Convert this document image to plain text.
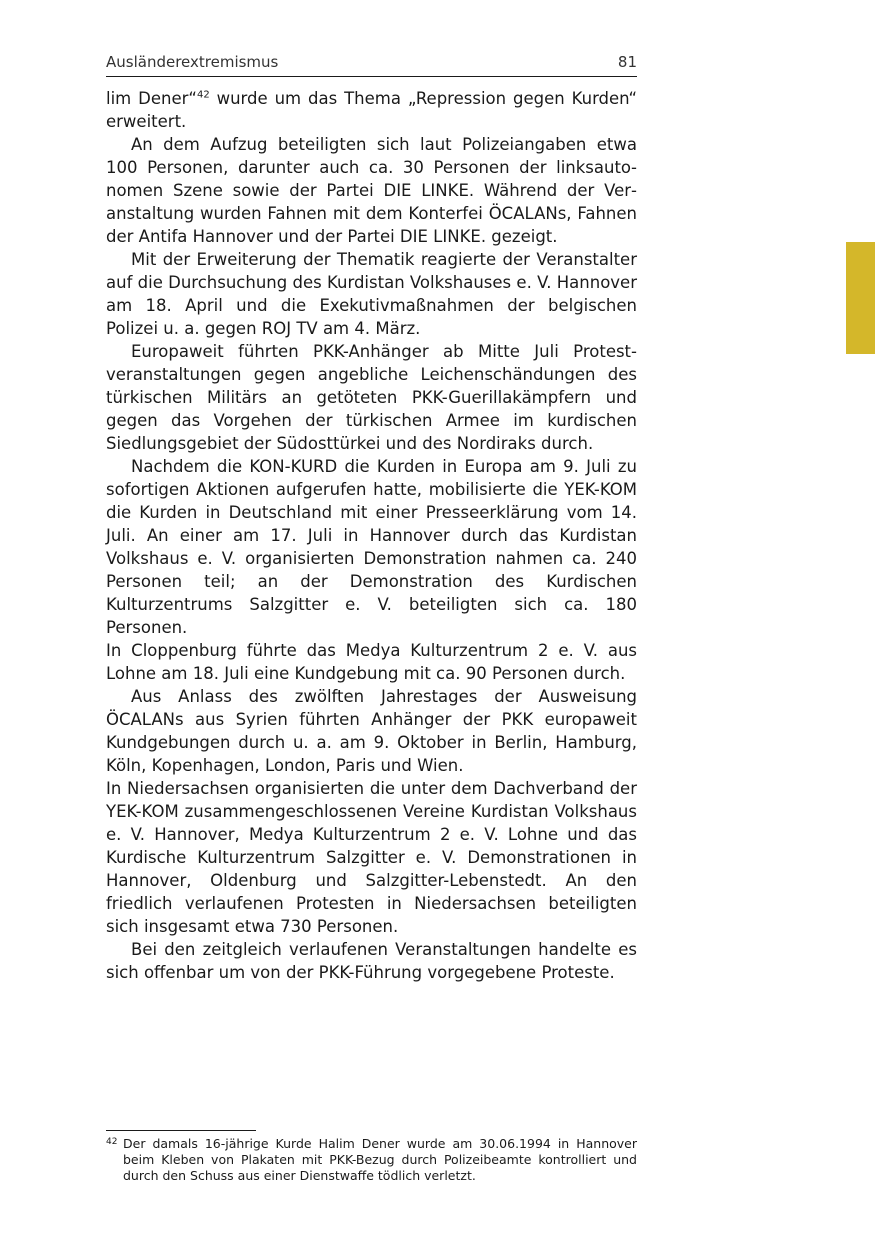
Ausländerextremismus	81

lim Dener“$^{42}$ wurde um das Thema „Repression gegen Kurden“ erweitert.

An dem Aufzug beteiligten sich laut Polizeiangaben etwa 100 Personen, darunter auch ca. 30 Personen der linksautonomen Szene sowie der Partei DIE LINKE. Während der Veranstaltung wurden Fahnen mit dem Konterfei ÖCALANs, Fahnen der Antifa Hannover und der Partei DIE LINKE. gezeigt.

Mit der Erweiterung der Thematik reagierte der Veranstalter auf die Durchsuchung des Kurdistan Volkshauses e. V. Hannover am 18. April und die Exekutivmaßnahmen der belgischen Polizei u. a. gegen ROJ TV am 4. März.

Europaweit führten PKK-Anhänger ab Mitte Juli Protestveranstaltungen gegen angebliche Leichenschändungen des türkischen Militärs an getöteten PKK-Guerillakämpfern und gegen das Vorgehen der türkischen Armee im kurdischen Siedlungsgebiet der Südosttürkei und des Nordiraks durch.

Nachdem die KON-KURD die Kurden in Europa am 9. Juli zu sofortigen Aktionen aufgerufen hatte, mobilisierte die YEK-KOM die Kurden in Deutschland mit einer Presseerklärung vom 14. Juli. An einer am 17. Juli in Hannover durch das Kurdistan Volkshaus e. V. organisierten Demonstration nahmen ca. 240 Personen teil; an der Demonstration des Kurdischen Kulturzentrums Salzgitter e. V. beteiligten sich ca. 180 Personen.

In Cloppenburg führte das Medya Kulturzentrum 2 e. V. aus Lohne am 18. Juli eine Kundgebung mit ca. 90 Personen durch.

Aus Anlass des zwölften Jahrestages der Ausweisung ÖCALANs aus Syrien führten Anhänger der PKK europaweit Kundgebungen durch u. a. am 9. Oktober in Berlin, Hamburg, Köln, Kopenhagen, London, Paris und Wien.

In Niedersachsen organisierten die unter dem Dachverband der YEK-KOM zusammengeschlossenen Vereine Kurdistan Volkshaus e. V. Hannover, Medya Kulturzentrum 2 e. V. Lohne und das Kurdische Kulturzentrum Salzgitter e. V. Demonstrationen in Hannover, Oldenburg und Salzgitter-Lebenstedt. An den friedlich verlaufenen Protesten in Niedersachsen beteiligten sich insgesamt etwa 730 Personen.

Bei den zeitgleich verlaufenen Veranstaltungen handelte es sich offenbar um von der PKK-Führung vorgegebene Proteste.

42 Der damals 16-jährige Kurde Halim Dener wurde am 30.06.1994 in Hannover beim Kleben von Plakaten mit PKK-Bezug durch Polizeibeamte kontrolliert und durch den Schuss aus einer Dienstwaffe tödlich verletzt.
